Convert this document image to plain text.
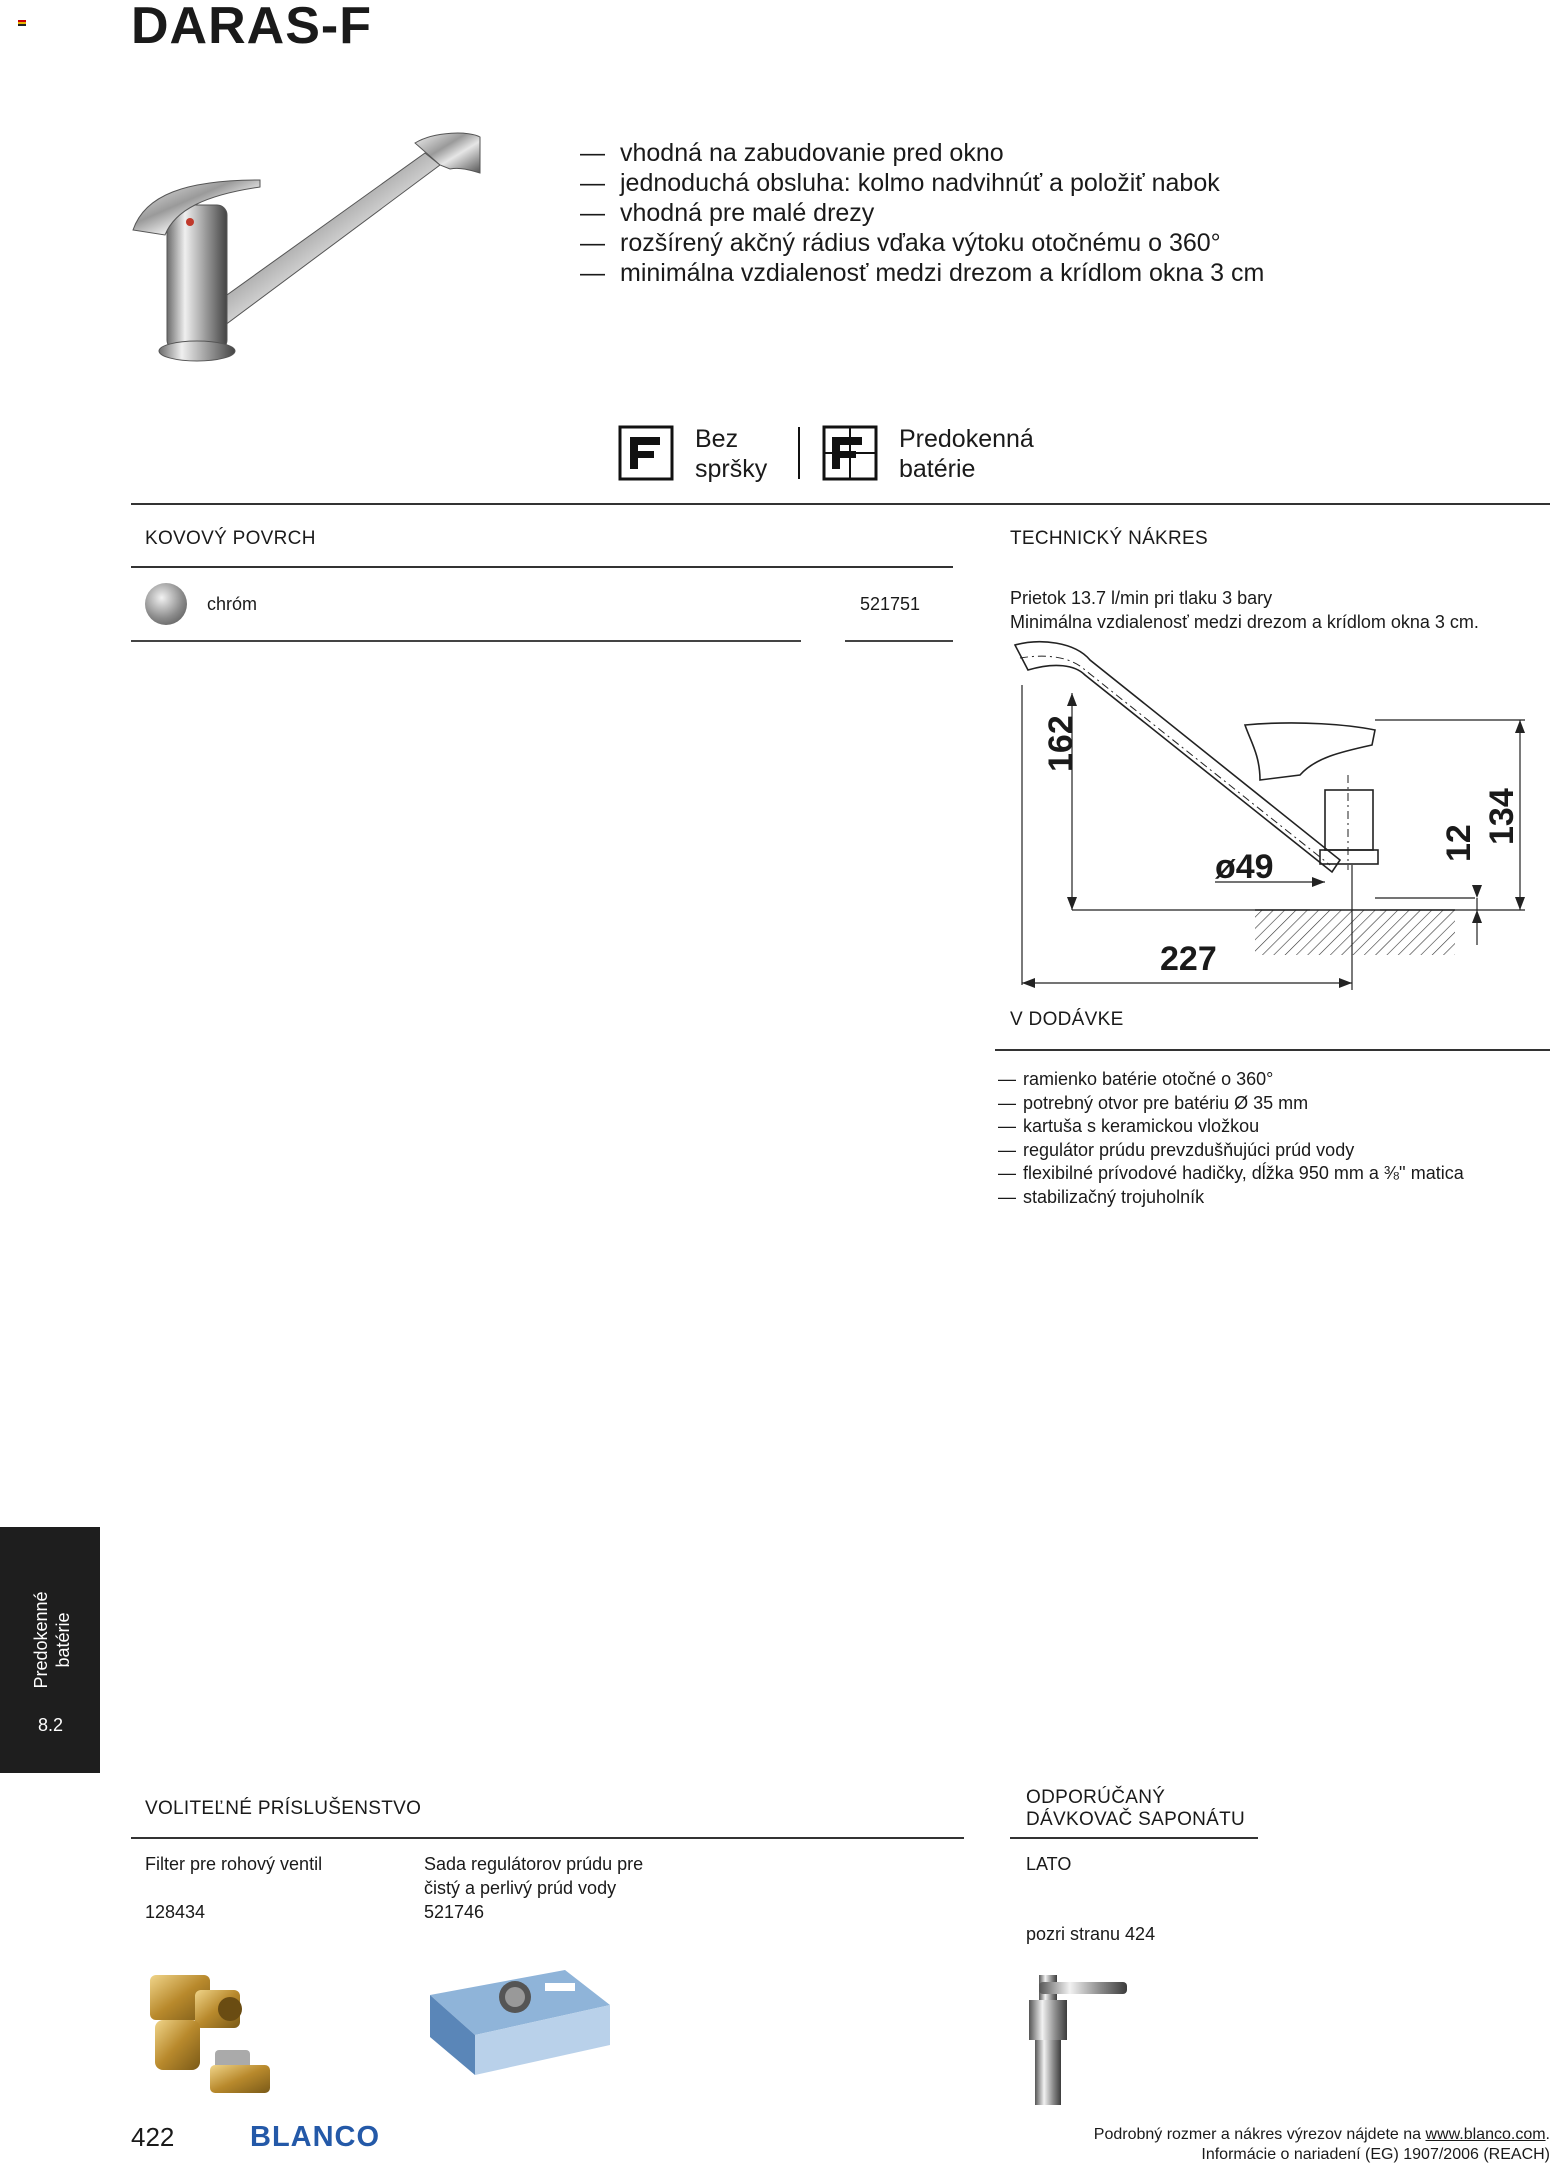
DARAS-F
— vhodná na zabudovanie pred okno
— jednoduchá obsluha: kolmo nadvihnúť a položiť nabok
— vhodná pre malé drezy
— rozšírený akčný rádius vďaka výtoku otočnému o 360°
— minimálna vzdialenosť medzi drezom a krídlom okna 3 cm
Bez
spršky
Predokenná
batérie
KOVOVÝ POVRCH
chróm	521751
TECHNICKÝ NÁKRES
Prietok 13.7 l/min pri tlaku 3 bary
Minimálna vzdialenosť medzi drezom a krídlom okna 3 cm.
162
ø49
227
12 134
V DODÁVKE
— ramienko batérie otočné o 360°
— potrebný otvor pre batériu Ø 35 mm
— kartuša s keramickou vložkou
— regulátor prúdu prevzdušňujúci prúd vody
— flexibilné prívodové hadičky, dĺžka 950 mm a ⅜'' matica
— stabilizačný trojuholník
Predokenné batérie
8.2
VOLITEĽNÉ PRÍSLUŠENSTVO
Filter pre rohový ventil
128434
Sada regulátorov prúdu pre
čistý a perlivý prúd vody
521746
ODPORÚČANÝ
DÁVKOVAČ SAPONÁTU
LATO
pozri stranu 424
422	BLANCO	Podrobný rozmer a nákres výrezov nájdete na www.blanco.com.
Informácie o nariadení (EG) 1907/2006 (REACH)
